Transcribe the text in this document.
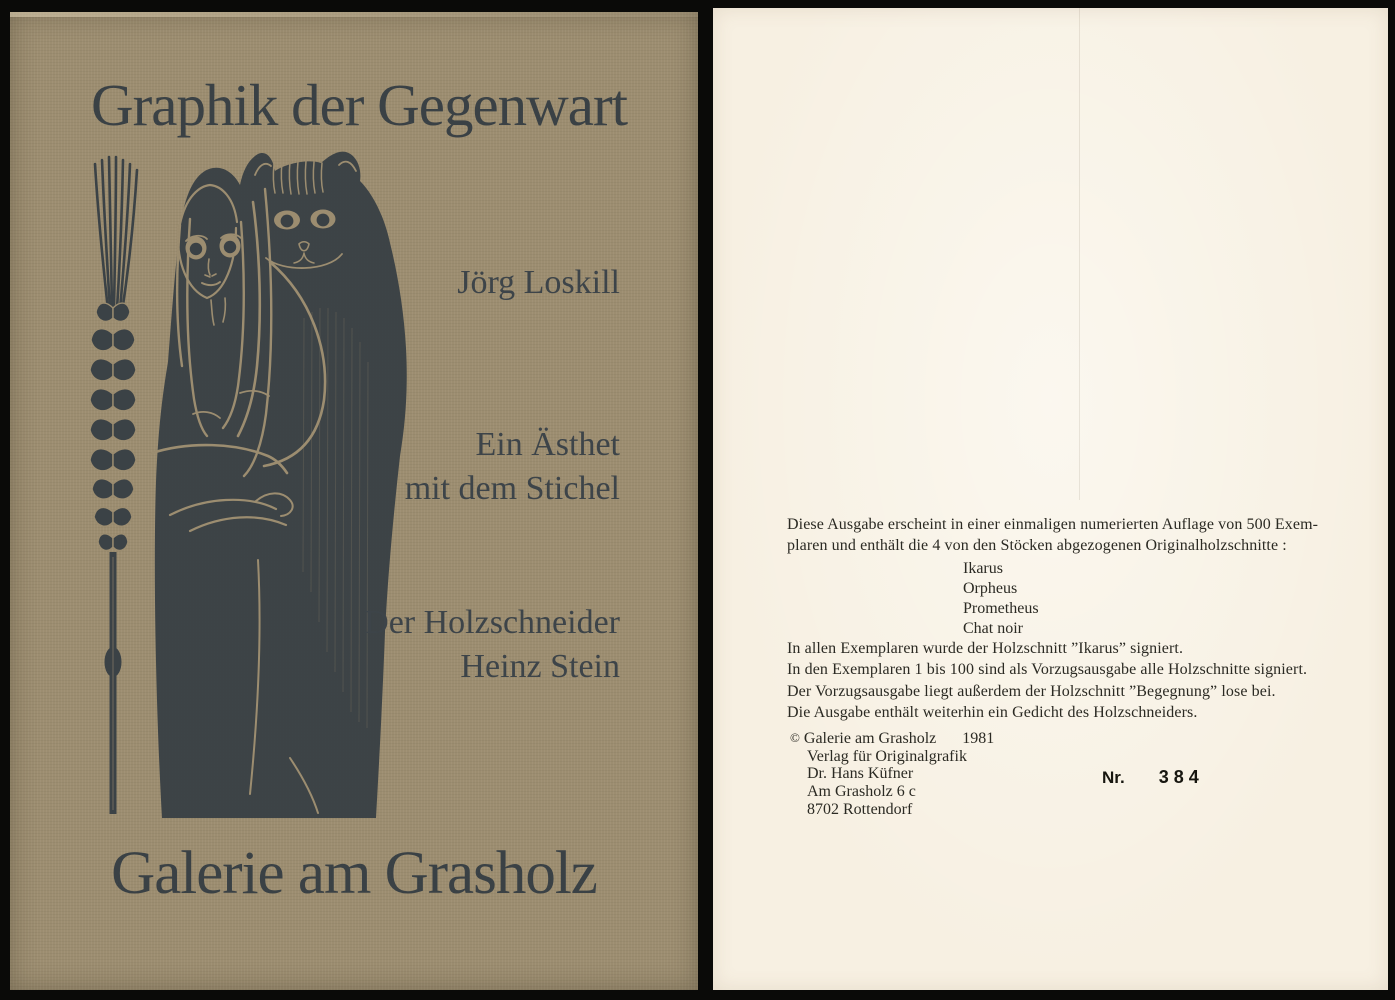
Graphik der Gegenwart
Jörg Loskill
Ein Ästhet
mit dem Stichel
Der Holzschneider
Heinz Stein
Galerie am Grasholz
Diese Ausgabe erscheint in einer einmaligen numerierten Auflage von 500 Exem-
plaren und enthält die 4 von den Stöcken abgezogenen Originalholzschnitte :
Ikarus
Orpheus
Prometheus
Chat noir
In allen Exemplaren wurde der Holzschnitt ”Ikarus” signiert.
In den Exemplaren 1 bis 100 sind als Vorzugsausgabe alle Holzschnitte signiert.
Der Vorzugsausgabe liegt außerdem der Holzschnitt ”Begegnung” lose bei.
Die Ausgabe enthält weiterhin ein Gedicht des Holzschneiders.
© Galerie am Grasholz 1981
Verlag für Originalgrafik
Dr. Hans Küfner
Am Grasholz 6 c
8702 Rottendorf
Nr. 384
